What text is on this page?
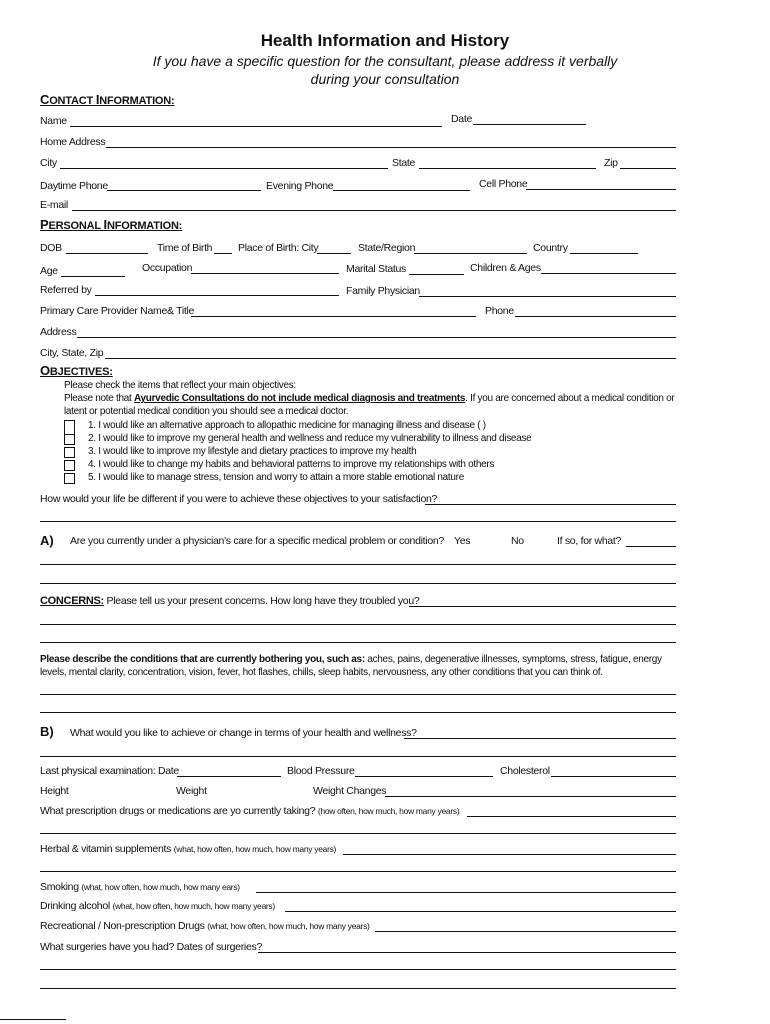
Health Information and History
If you have a specific question for the consultant, please address it verbally
during your consultation
CONTACT INFORMATION:
Name	Date
Home Address
City	State	Zip
Daytime Phone	Evening Phone	Cell Phone
E-mail
PERSONAL INFORMATION:
DOB	Time of Birth Place of Birth: City	State/Region	Country
Age	Occupation	Marital Status	Children & Ages
Referred by	Family Physician
Primary Care Provider Name& Title	Phone
Address
City, State, Zip
OBJECTIVES:
Please check the items that reflect your main objectives:
Please note that Ayurvedic Consultations do not include medical diagnosis and treatments. If you are concerned about a medical condition or
latent or potential medical condition you should see a medical doctor.
1. I would like an alternative approach to allopathic medicine for managing illness and disease ( )
2. I would like to improve my general health and wellness and reduce my vulnerability to illness and disease
3. I would like to improve my lifestyle and dietary practices to improve my health
4. I would like to change my habits and behavioral patterns to improve my relationships with others
5. I would like to manage stress, tension and worry to attain a more stable emotional nature
How would your life be different if you were to achieve these objectives to your satisfaction?
A) Are you currently under a physician's care for a specific medical problem or condition? Yes	No	If so, for what?
CONCERNS: Please tell us your present concerns. How long have they troubled you?
Please describe the conditions that are currently bothering you, such as: aches, pains, degenerative illnesses, symptoms, stress, fatigue, energy
levels, mental clarity, concentration, vision, fever, hot flashes, chills, sleep habits, nervousness, any other conditions that you can think of.
B) What would you like to achieve or change in terms of your health and wellness?
Last physical examination: Date	Blood Pressure	Cholesterol
Height	Weight	Weight Changes
What prescription drugs or medications are yo currently taking? (how often, how much, how many years)
Herbal & vitamin supplements (what, how often, how much, how many years)
Smoking (what, how often, how much, how many ears)
Drinking alcohol (what, how often, how much, how many years)
Recreational / Non-prescription Drugs (what, how often, how much, how many years)
What surgeries have you had? Dates of surgeries?
